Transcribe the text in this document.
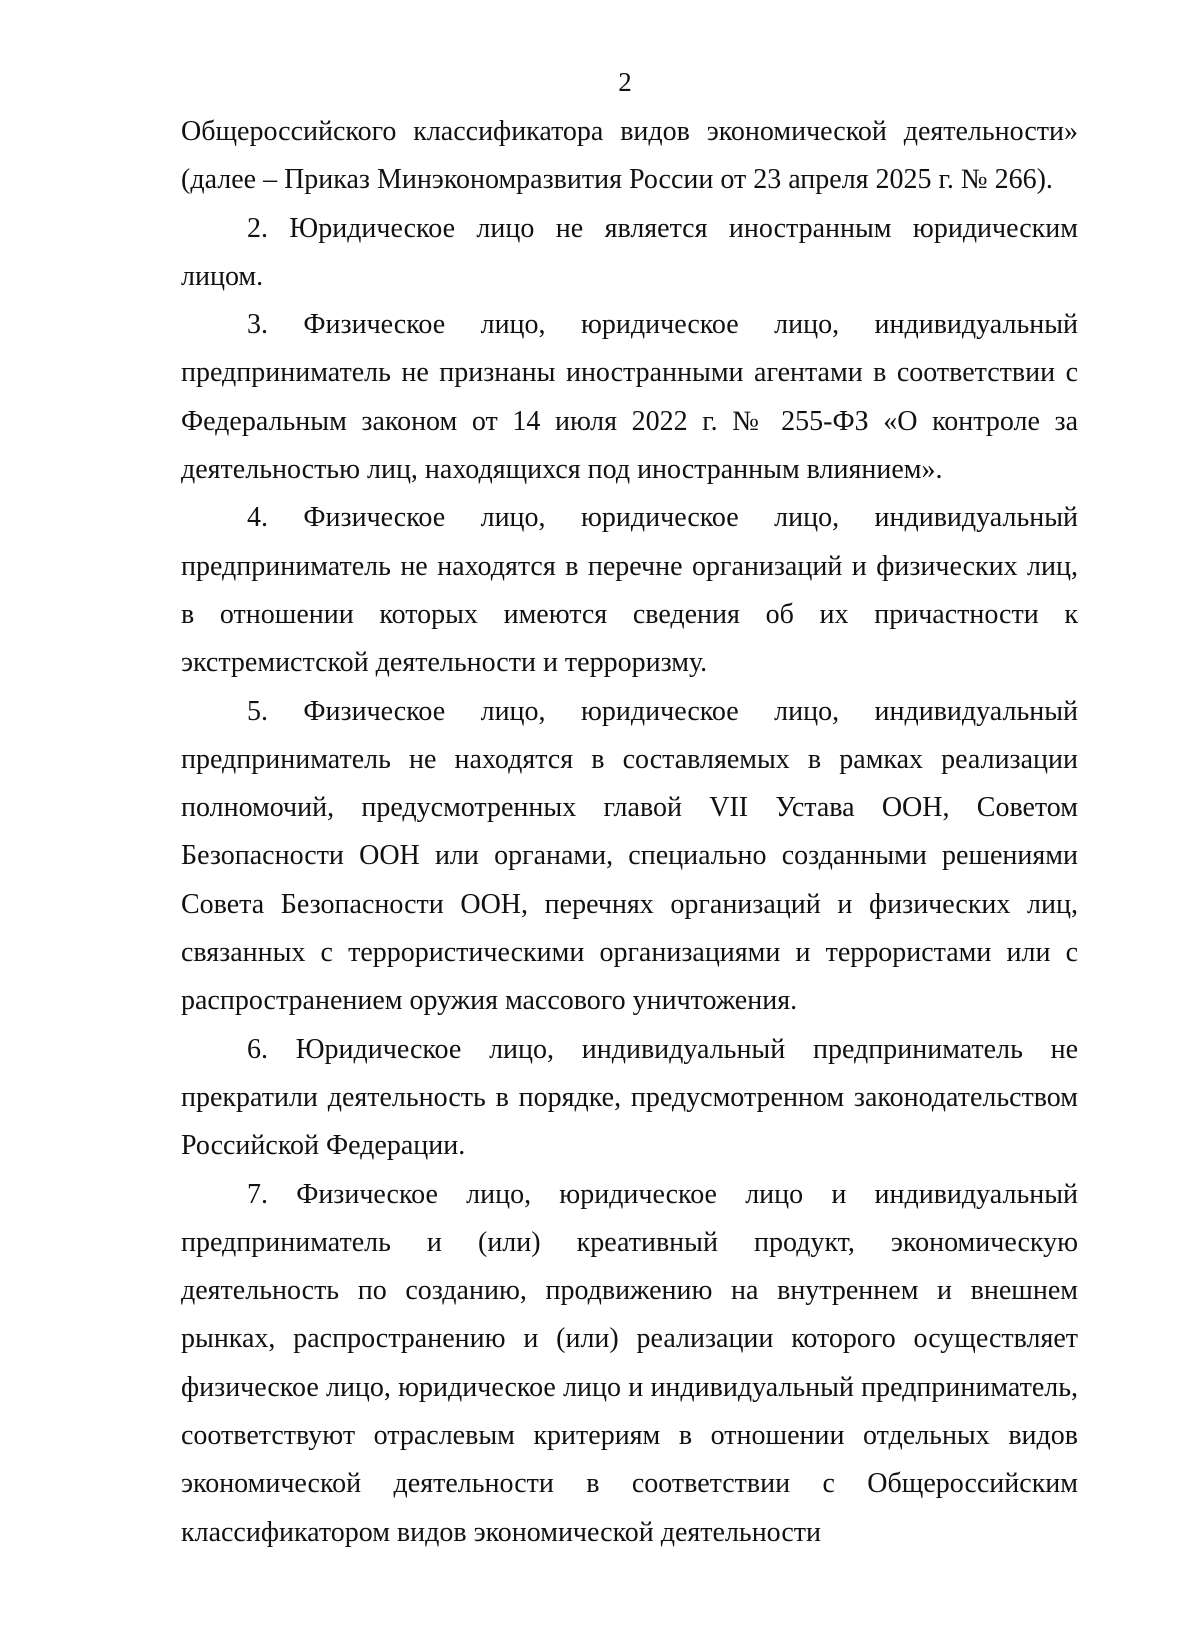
2

Общероссийского классификатора видов экономической деятельности» (далее – Приказ Минэкономразвития России от 23 апреля 2025 г. № 266).

2. Юридическое лицо не является иностранным юридическим лицом.

3. Физическое лицо, юридическое лицо, индивидуальный предприниматель не признаны иностранными агентами в соответствии с Федеральным законом от 14 июля 2022 г. № 255-ФЗ «О контроле за деятельностью лиц, находящихся под иностранным влиянием».

4. Физическое лицо, юридическое лицо, индивидуальный предприниматель не находятся в перечне организаций и физических лиц, в отношении которых имеются сведения об их причастности к экстремистской деятельности и терроризму.

5. Физическое лицо, юридическое лицо, индивидуальный предприниматель не находятся в составляемых в рамках реализации полномочий, предусмотренных главой VII Устава ООН, Советом Безопасности ООН или органами, специально созданными решениями Совета Безопасности ООН, перечнях организаций и физических лиц, связанных с террористическими организациями и террористами или с распространением оружия массового уничтожения.

6. Юридическое лицо, индивидуальный предприниматель не прекратили деятельность в порядке, предусмотренном законодательством Российской Федерации.

7. Физическое лицо, юридическое лицо и индивидуальный предприниматель и (или) креативный продукт, экономическую деятельность по созданию, продвижению на внутреннем и внешнем рынках, распространению и (или) реализации которого осуществляет физическое лицо, юридическое лицо и индивидуальный предприниматель, соответствуют отраслевым критериям в отношении отдельных видов экономической деятельности в соответствии с Общероссийским классификатором видов экономической деятельности
